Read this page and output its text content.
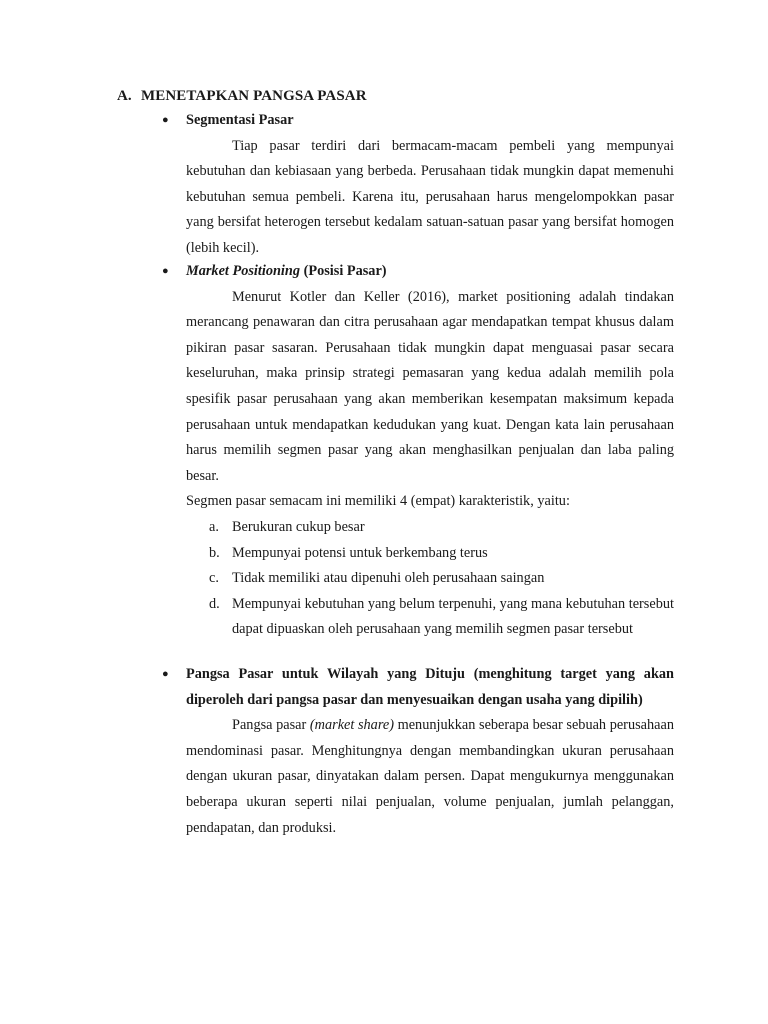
A. MENETAPKAN PANGSA PASAR
●	Segmentasi Pasar
Tiap pasar terdiri dari bermacam-macam pembeli yang mempunyai kebutuhan dan kebiasaan yang berbeda. Perusahaan tidak mungkin dapat memenuhi kebutuhan semua pembeli. Karena itu, perusahaan harus mengelompokkan pasar yang bersifat heterogen tersebut kedalam satuan-satuan pasar yang bersifat homogen (lebih kecil).
●	Market Positioning (Posisi Pasar)
Menurut Kotler dan Keller (2016), market positioning adalah tindakan merancang penawaran dan citra perusahaan agar mendapatkan tempat khusus dalam pikiran pasar sasaran. Perusahaan tidak mungkin dapat menguasai pasar secara keseluruhan, maka prinsip strategi pemasaran yang kedua adalah memilih pola spesifik pasar perusahaan yang akan memberikan kesempatan maksimum kepada perusahaan untuk mendapatkan kedudukan yang kuat. Dengan kata lain perusahaan harus memilih segmen pasar yang akan menghasilkan penjualan dan laba paling besar.
Segmen pasar semacam ini memiliki 4 (empat) karakteristik, yaitu:
a. Berukuran cukup besar
b. Mempunyai potensi untuk berkembang terus
c. Tidak memiliki atau dipenuhi oleh perusahaan saingan
d. Mempunyai kebutuhan yang belum terpenuhi, yang mana kebutuhan tersebut dapat dipuaskan oleh perusahaan yang memilih segmen pasar tersebut
●	Pangsa Pasar untuk Wilayah yang Dituju (menghitung target yang akan diperoleh dari pangsa pasar dan menyesuaikan dengan usaha yang dipilih)
Pangsa pasar (market share) menunjukkan seberapa besar sebuah perusahaan mendominasi pasar. Menghitungnya dengan membandingkan ukuran perusahaan dengan ukuran pasar, dinyatakan dalam persen. Dapat mengukurnya menggunakan beberapa ukuran seperti nilai penjualan, volume penjualan, jumlah pelanggan, pendapatan, dan produksi.
